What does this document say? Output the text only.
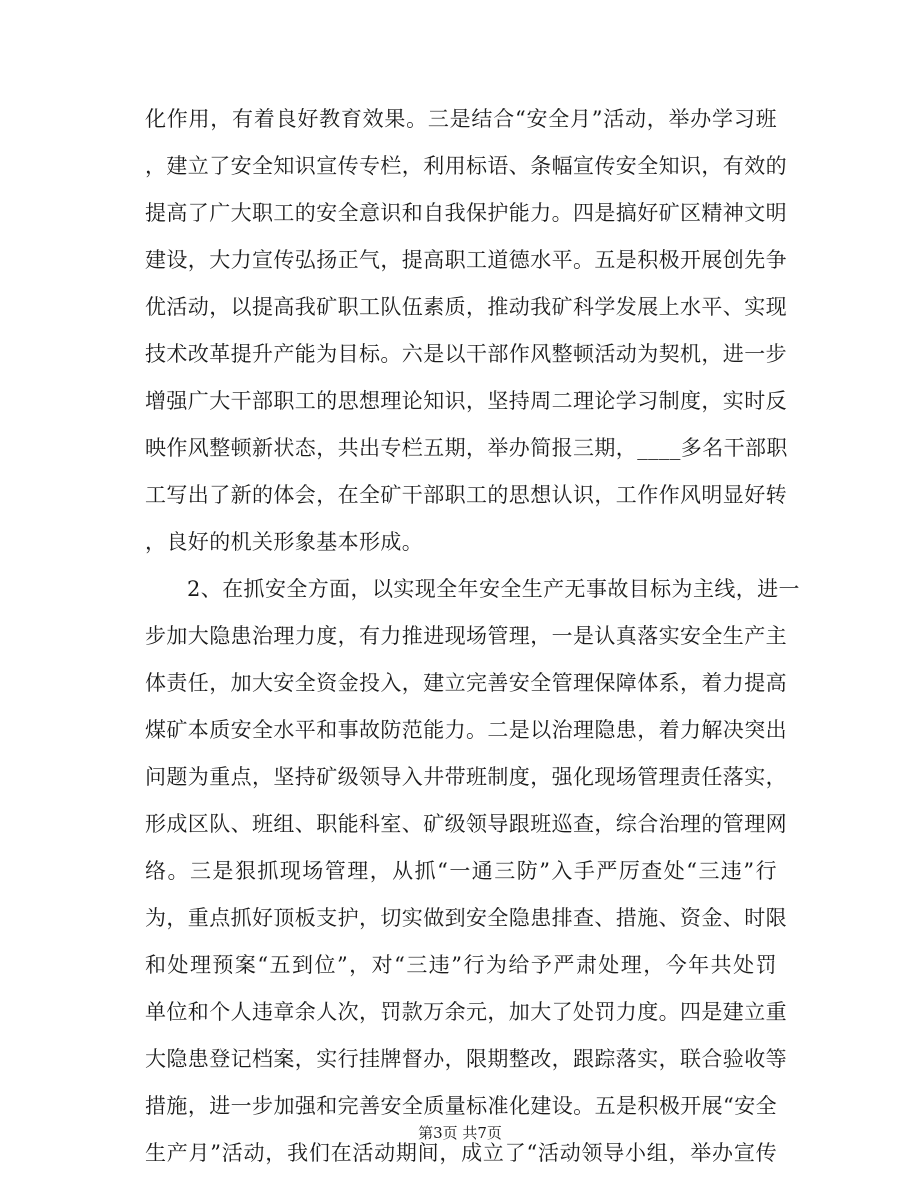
化作用，有着良好教育效果。三是结合“安全月”活动，举办学习班
，建立了安全知识宣传专栏，利用标语、条幅宣传安全知识，有效的
提高了广大职工的安全意识和自我保护能力。四是搞好矿区精神文明
建设，大力宣传弘扬正气，提高职工道德水平。五是积极开展创先争
优活动，以提高我矿职工队伍素质，推动我矿科学发展上水平、实现
技术改革提升产能为目标。六是以干部作风整顿活动为契机，进一步
增强广大干部职工的思想理论知识，坚持周二理论学习制度，实时反
映作风整顿新状态，共出专栏五期，举办简报三期，____多名干部职
工写出了新的体会，在全矿干部职工的思想认识，工作作风明显好转
，良好的机关形象基本形成。
2、在抓安全方面，以实现全年安全生产无事故目标为主线，进一
步加大隐患治理力度，有力推进现场管理，一是认真落实安全生产主
体责任，加大安全资金投入，建立完善安全管理保障体系，着力提高
煤矿本质安全水平和事故防范能力。二是以治理隐患，着力解决突出
问题为重点，坚持矿级领导入井带班制度，强化现场管理责任落实，
形成区队、班组、职能科室、矿级领导跟班巡查，综合治理的管理网
络。三是狠抓现场管理，从抓“一通三防”入手严厉查处“三违”行
为，重点抓好顶板支护，切实做到安全隐患排查、措施、资金、时限
和处理预案“五到位”，对“三违”行为给予严肃处理，今年共处罚
单位和个人违章余人次，罚款万余元，加大了处罚力度。四是建立重
大隐患登记档案，实行挂牌督办，限期整改，跟踪落实，联合验收等
措施，进一步加强和完善安全质量标准化建设。五是积极开展“安全
生产月”活动，我们在活动期间，成立了“活动领导小组，举办宣传
第3页 共7页
